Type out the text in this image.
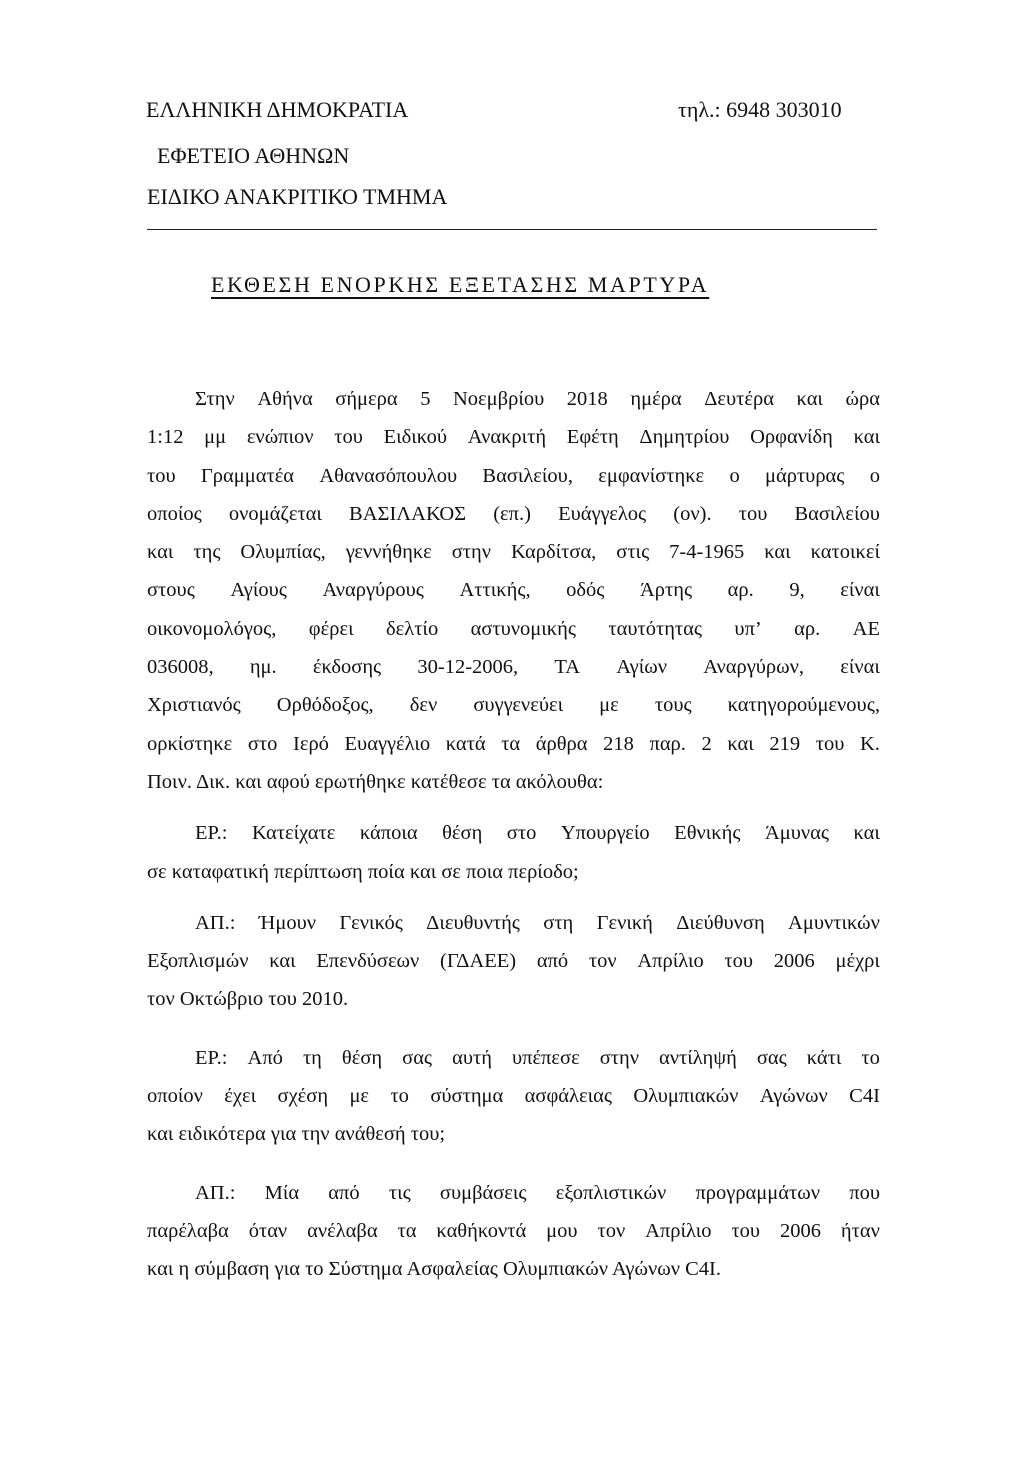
ΕΛΛΗΝΙΚΗ ΔΗΜΟΚΡΑΤΙΑ
ΕΦΕΤΕΙΟ ΑΘΗΝΩΝ
ΕΙΔΙΚΟ ΑΝΑΚΡΙΤΙΚΟ ΤΜΗΜΑ
τηλ.: 6948 303010
ΕΚΘΕΣΗ ΕΝΟΡΚΗΣ ΕΞΕΤΑΣΗΣ ΜΑΡΤΥΡΑ
Στην Αθήνα σήμερα 5 Νοεμβρίου 2018 ημέρα Δευτέρα και ώρα
1:12 μμ ενώπιον του Ειδικού Ανακριτή Εφέτη Δημητρίου Ορφανίδη και
του Γραμματέα Αθανασόπουλου Βασιλείου, εμφανίστηκε ο μάρτυρας ο
οποίος ονομάζεται ΒΑΣΙΛΑΚΟΣ (επ.) Ευάγγελος (ον). του Βασιλείου
και της Ολυμπίας, γεννήθηκε στην Καρδίτσα, στις 7-4-1965 και κατοικεί
στους Αγίους Αναργύρους Αττικής, οδός Άρτης αρ. 9, είναι
οικονομολόγος, φέρει δελτίο αστυνομικής ταυτότητας υπ’ αρ. ΑΕ
036008, ημ. έκδοσης 30-12-2006, ΤΑ Αγίων Αναργύρων, είναι
Χριστιανός Ορθόδοξος, δεν συγγενεύει με τους κατηγορούμενους,
ορκίστηκε στο Ιερό Ευαγγέλιο κατά τα άρθρα 218 παρ. 2 και 219 του Κ.
Ποιν. Δικ. και αφού ερωτήθηκε κατέθεσε τα ακόλουθα:
ΕΡ.: Κατείχατε κάποια θέση στο Υπουργείο Εθνικής Άμυνας και
σε καταφατική περίπτωση ποία και σε ποια περίοδο;
ΑΠ.: Ήμουν Γενικός Διευθυντής στη Γενική Διεύθυνση Αμυντικών
Εξοπλισμών και Επενδύσεων (ΓΔΑΕΕ) από τον Απρίλιο του 2006 μέχρι
τον Οκτώβριο του 2010.
ΕΡ.: Από τη θέση σας αυτή υπέπεσε στην αντίληψή σας κάτι το
οποίον έχει σχέση με το σύστημα ασφάλειας Ολυμπιακών Αγώνων C4I
και ειδικότερα για την ανάθεσή του;
ΑΠ.: Μία από τις συμβάσεις εξοπλιστικών προγραμμάτων που
παρέλαβα όταν ανέλαβα τα καθήκοντά μου τον Απρίλιο του 2006 ήταν
και η σύμβαση για το Σύστημα Ασφαλείας Ολυμπιακών Αγώνων C4I.
